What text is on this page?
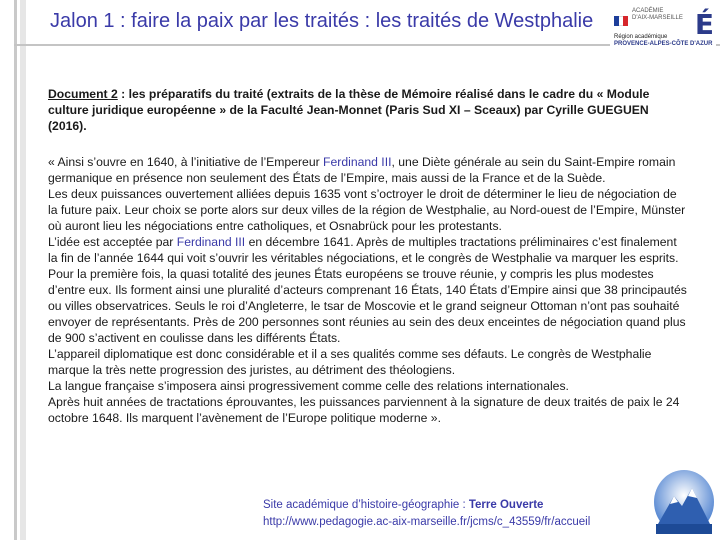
Jalon 1 : faire la paix par les traités : les traités de Westphalie	ACADÉMIE
D'AIX-MARSEILLE É
Région académique
PROVENCE-ALPES-CÔTE D'AZUR
Document 2 : les préparatifs du traité (extraits de la thèse de Mémoire réalisé dans le cadre du « Module culture juridique européenne » de la Faculté Jean-Monnet (Paris Sud XI – Sceaux) par Cyrille GUEGUEN (2016).

« Ainsi s’ouvre en 1640, à l’initiative de l’Empereur Ferdinand III, une Diète générale au sein du Saint-Empire romain germanique en présence non seulement des États de l’Empire, mais aussi de la France et de la Suède.

Les deux puissances ouvertement alliées depuis 1635 vont s’octroyer le droit de déterminer le lieu de négociation de la future paix. Leur choix se porte alors sur deux villes de la région de Westphalie, au Nord-ouest de l’Empire, Münster où auront lieu les négociations entre catholiques, et Osnabrück pour les protestants.

L’idée est acceptée par Ferdinand III en décembre 1641. Après de multiples tractations préliminaires c’est finalement la fin de l’année 1644 qui voit s’ouvrir les véritables négociations, et le congrès de Westphalie va marquer les esprits.

Pour la première fois, la quasi totalité des jeunes États européens se trouve réunie, y compris les plus modestes d’entre eux. Ils forment ainsi une pluralité d’acteurs comprenant 16 États, 140 États d’Empire ainsi que 38 principautés ou villes observatrices. Seuls le roi d’Angleterre, le tsar de Moscovie et le grand seigneur Ottoman n’ont pas souhaité envoyer de représentants. Près de 200 personnes sont réunies au sein des deux enceintes de négociation quand plus de 900 s’activent en coulisse dans les différents États.

L’appareil diplomatique est donc considérable et il a ses qualités comme ses défauts. Le congrès de Westphalie marque la très nette progression des juristes, au détriment des théologiens.

La langue française s’imposera ainsi progressivement comme celle des relations internationales.

Après huit années de tractations éprouvantes, les puissances parviennent à la signature de deux traités de paix le 24 octobre 1648. Ils marquent l’avènement de l’Europe politique moderne ».

Site académique d’histoire-géographie : Terre Ouverte
http://www.pedagogie.ac-aix-marseille.fr/jcms/c_43559/fr/accueil
